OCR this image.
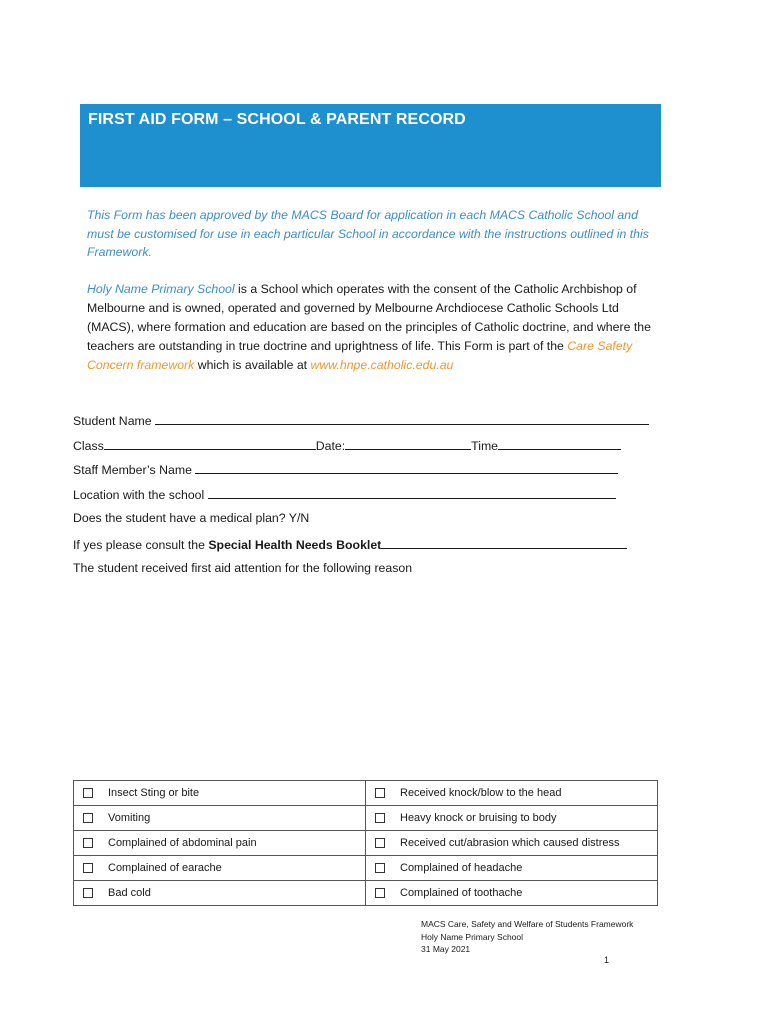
FIRST AID FORM – SCHOOL & PARENT RECORD
This Form has been approved by the MACS Board for application in each MACS Catholic School and must be customised for use in each particular School in accordance with the instructions outlined in this Framework.
Holy Name Primary School is a School which operates with the consent of the Catholic Archbishop of Melbourne and is owned, operated and governed by Melbourne Archdiocese Catholic Schools Ltd (MACS), where formation and education are based on the principles of Catholic doctrine, and where the teachers are outstanding in true doctrine and uprightness of life. This Form is part of the Care Safety Concern framework which is available at www.hnpe.catholic.edu.au
Student Name
Class	Date:	Time
Staff Member’s Name
Location with the school
Does the student have a medical plan? Y/N
If yes please consult the Special Health Needs Booklet
The student received first aid attention for the following reason
Insect Sting or bite	Received knock/blow to the head

Vomiting	Heavy knock or bruising to body

Complained of abdominal pain	Received cut/abrasion which caused distress

Complained of earache	Complained of headache

Bad cold	Complained of toothache
MACS Care, Safety and Welfare of Students Framework
Holy Name Primary School
31 May 2021
1
